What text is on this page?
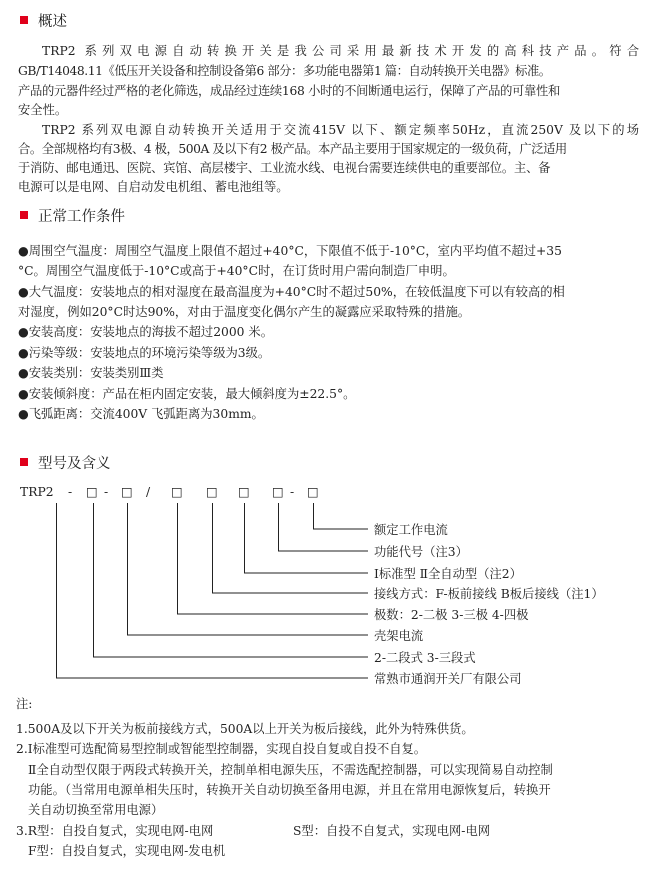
概述
TRP2 系列双电源自动转换开关是我公司采用最新技术开发的高科技产品。符合
GB/T14048.11《低压开关设备和控制设备第6 部分：多功能电器第1 篇：自动转换开关电器》标准。
产品的元器件经过严格的老化筛选，成品经过连续168 小时的不间断通电运行，保障了产品的可靠性和
安全性。
TRP2 系列双电源自动转换开关适用于交流415V 以下、额定频率50Hz，直流250V 及以下的场
合。全部规格均有3极、4 极，500A 及以下有2 极产品。本产品主要用于国家规定的一级负荷，广泛适用
于消防、邮电通迅、医院、宾馆、高层楼宇、工业流水线、电视台需要连续供电的重要部位。主、备
电源可以是电网、自启动发电机组、蓄电池组等。
正常工作条件
●周围空气温度：周围空气温度上限值不超过+40°C，下限值不低于-10°C，室内平均值不超过+35
°C。周围空气温度低于-10°C或高于+40°C时，在订货时用户需向制造厂申明。
●大气温度：安装地点的相对湿度在最高温度为+40°C时不超过50%，在较低温度下可以有较高的相
对湿度，例如20°C时达90%，对由于温度变化偶尔产生的凝露应采取特殊的措施。
●安装高度：安装地点的海拔不超过2000 米。
●污染等级：安装地点的环境污染等级为3级。
●安装类别：安装类别Ⅲ类
●安装倾斜度：产品在柜内固定安装，最大倾斜度为±22.5°。
●飞弧距离：交流400V 飞弧距离为30mm。
型号及含义
TRP2 - □ - □ / □ □ □ □ - □
额定工作电流
功能代号（注3）
Ⅰ标准型 Ⅱ全自动型（注2）
接线方式：F-板前接线 B板后接线（注1）
极数：2-二极 3-三极 4-四极
壳架电流
2-二段式 3-三段式
常熟市通润开关厂有限公司
注:
1.500A及以下开关为板前接线方式，500A以上开关为板后接线，此外为特殊供货。
2.Ⅰ标准型可选配简易型控制或智能型控制器，实现自投自复或自投不自复。
Ⅱ全自动型仅限于两段式转换开关，控制单相电源失压，不需选配控制器，可以实现简易自动控制
功能。（当常用电源单相失压时，转换开关自动切换至备用电源，并且在常用电源恢复后，转换开
关自动切换至常用电源）
3.R型：自投自复式，实现电网-电网	S型：自投不自复式，实现电网-电网
F型：自投自复式，实现电网-发电机
